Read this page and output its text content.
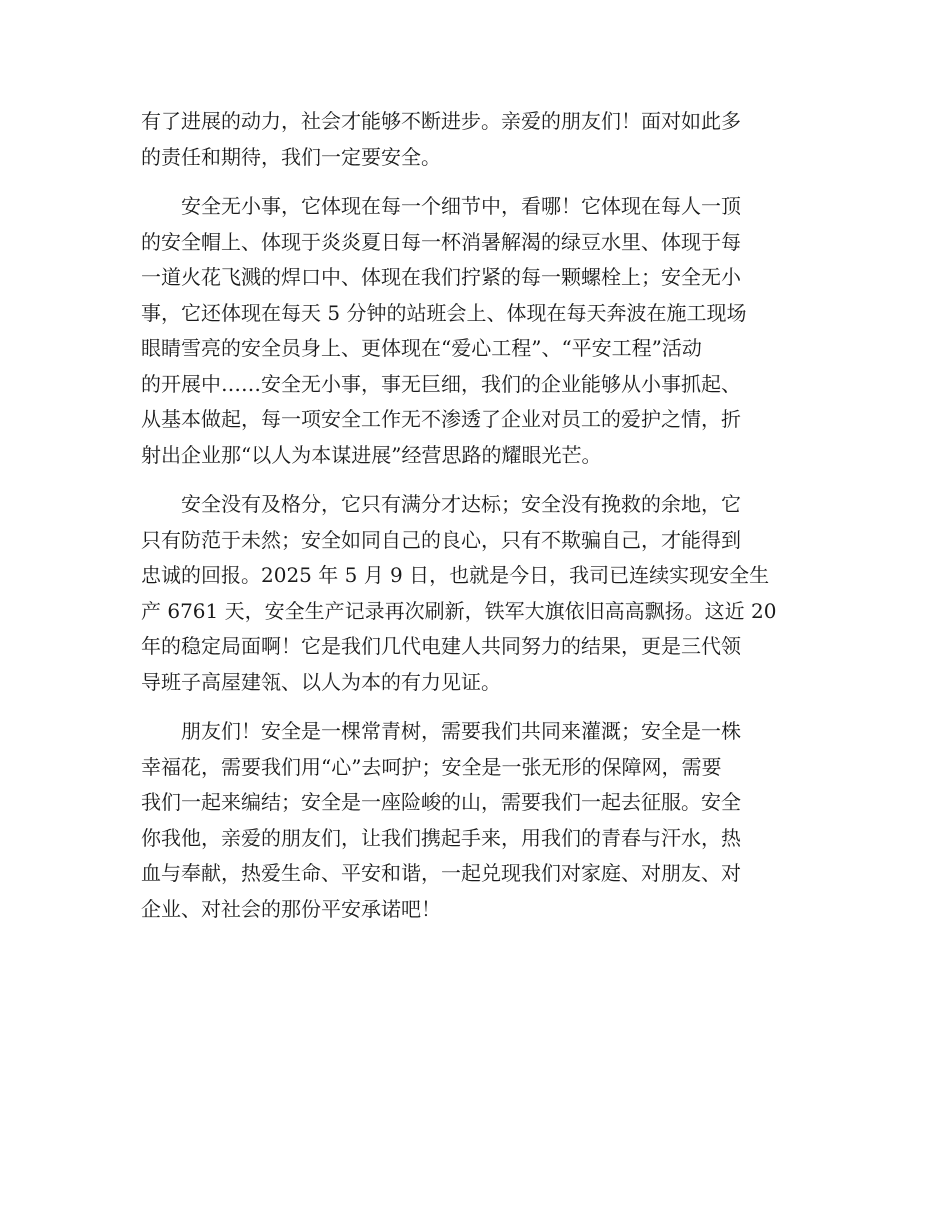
有了进展的动力，社会才能够不断进步。亲爱的朋友们！面对如此多
的责任和期待，我们一定要安全。

　　安全无小事，它体现在每一个细节中，看哪！它体现在每人一顶
的安全帽上、体现于炎炎夏日每一杯消暑解渴的绿豆水里、体现于每
一道火花飞溅的焊口中、体现在我们拧紧的每一颗螺栓上；安全无小
事，它还体现在每天 5 分钟的站班会上、体现在每天奔波在施工现场
眼睛雪亮的安全员身上、更体现在“爱心工程”、“平安工程”活动
的开展中……安全无小事，事无巨细，我们的企业能够从小事抓起、
从基本做起，每一项安全工作无不渗透了企业对员工的爱护之情，折
射出企业那“以人为本谋进展”经营思路的耀眼光芒。

　　安全没有及格分，它只有满分才达标；安全没有挽救的余地，它
只有防范于未然；安全如同自己的良心，只有不欺骗自己，才能得到
忠诚的回报。2025 年 5 月 9 日，也就是今日，我司已连续实现安全生
产 6761 天，安全生产记录再次刷新，铁军大旗依旧高高飘扬。这近 20
年的稳定局面啊！它是我们几代电建人共同努力的结果，更是三代领
导班子高屋建瓴、以人为本的有力见证。

　　朋友们！安全是一棵常青树，需要我们共同来灌溉；安全是一株
幸福花，需要我们用“心”去呵护；安全是一张无形的保障网，需要
我们一起来编结；安全是一座险峻的山，需要我们一起去征服。安全
你我他，亲爱的朋友们，让我们携起手来，用我们的青春与汗水，热
血与奉献，热爱生命、平安和谐，一起兑现我们对家庭、对朋友、对
企业、对社会的那份平安承诺吧！
